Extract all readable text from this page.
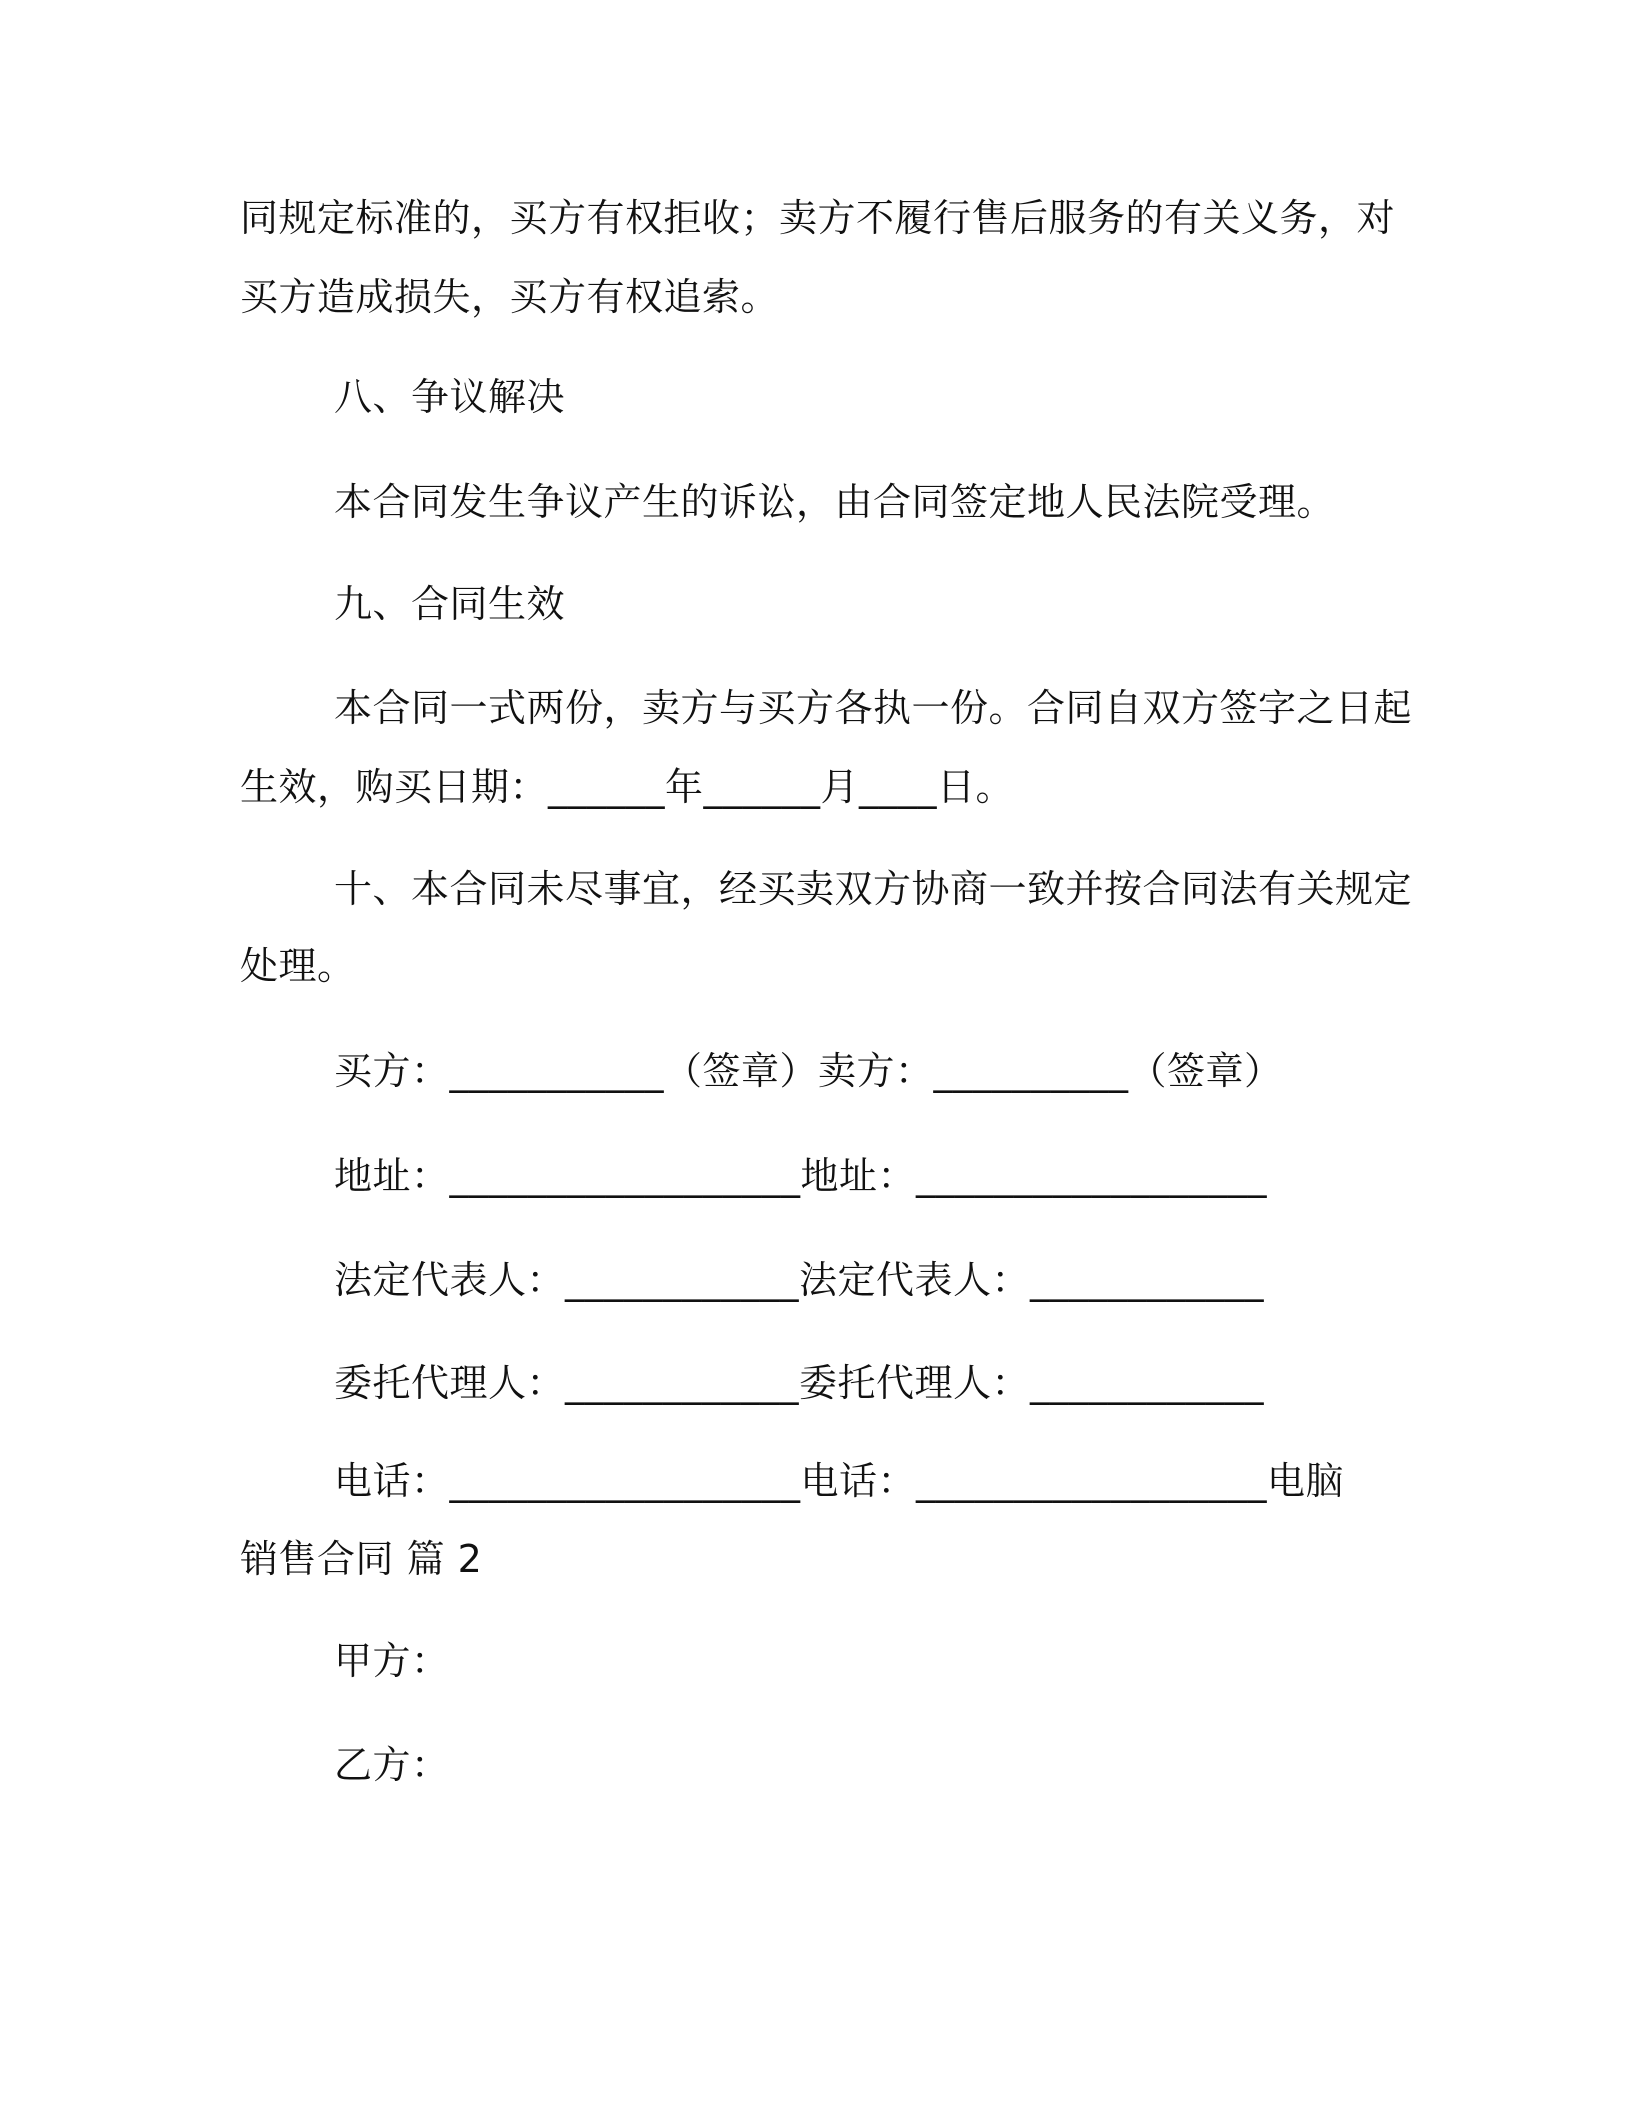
同规定标准的，买方有权拒收；卖方不履行售后服务的有关义务，对
买方造成损失，买方有权追索。
八、争议解决
本合同发生争议产生的诉讼，由合同签定地人民法院受理。
九、合同生效
本合同一式两份，卖方与买方各执一份。合同自双方签字之日起
生效，购买日期：______年______月____日。
十、本合同未尽事宜，经买卖双方协商一致并按合同法有关规定
处理。
买方：___________（签章）卖方：__________（签章）
地址：__________________地址：__________________
法定代表人：____________法定代表人：____________
委托代理人：____________委托代理人：____________
电话：__________________电话：__________________电脑
销售合同 篇 2
甲方：
乙方：
